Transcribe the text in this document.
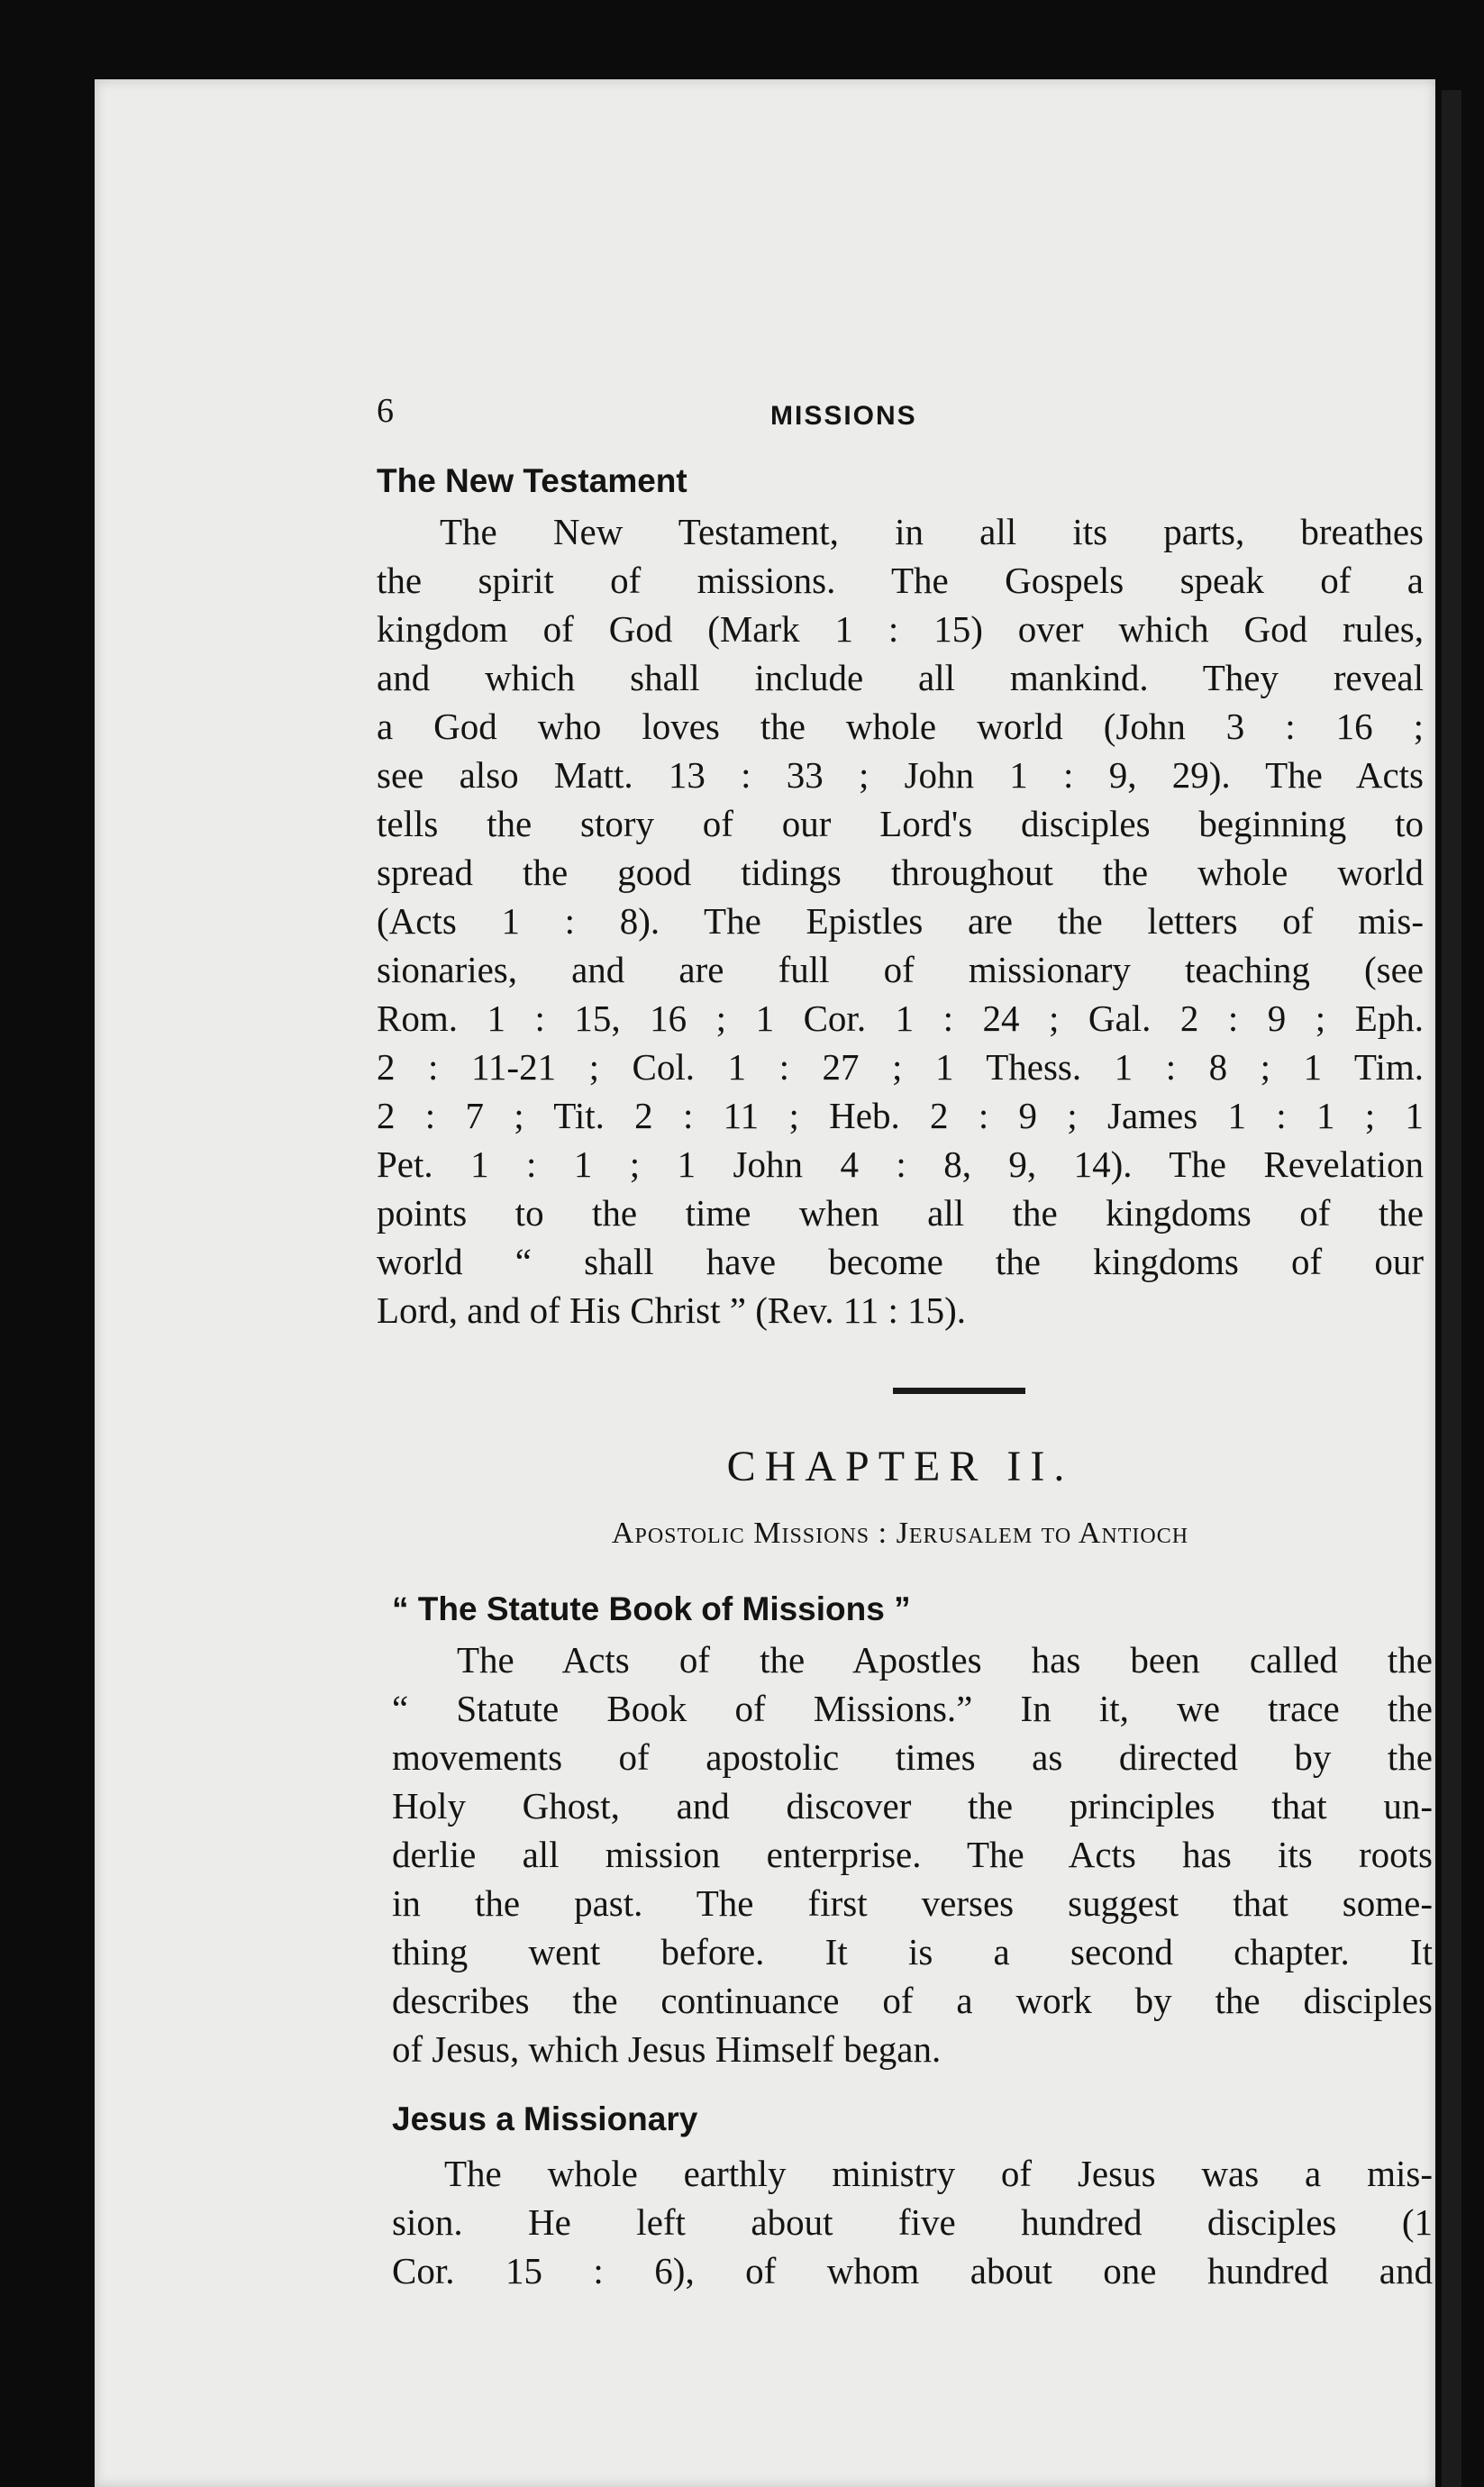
6	MISSIONS
The New Testament
The New Testament, in all its parts, breathes
the spirit of missions. The Gospels speak of a
kingdom of God (Mark 1 : 15) over which God rules,
and which shall include all mankind. They reveal
a God who loves the whole world (John 3 : 16 ;
see also Matt. 13 : 33 ; John 1 : 9, 29). The Acts
tells the story of our Lord's disciples beginning to
spread the good tidings throughout the whole world
(Acts 1 : 8). The Epistles are the letters of mis-
sionaries, and are full of missionary teaching (see
Rom. 1 : 15, 16 ; 1 Cor. 1 : 24 ; Gal. 2 : 9 ; Eph.
2 : 11-21 ; Col. 1 : 27 ; 1 Thess. 1 : 8 ; 1 Tim.
2 : 7 ; Tit. 2 : 11 ; Heb. 2 : 9 ; James 1 : 1 ; 1
Pet. 1 : 1 ; 1 John 4 : 8, 9, 14). The Revelation
points to the time when all the kingdoms of the
world “ shall have become the kingdoms of our
Lord, and of His Christ ” (Rev. 11 : 15).
CHAPTER II.
Apostolic Missions : Jerusalem to Antioch
“ The Statute Book of Missions ”
The Acts of the Apostles has been called the
“ Statute Book of Missions.” In it, we trace the
movements of apostolic times as directed by the
Holy Ghost, and discover the principles that un-
derlie all mission enterprise. The Acts has its roots
in the past. The first verses suggest that some-
thing went before. It is a second chapter. It
describes the continuance of a work by the disciples
of Jesus, which Jesus Himself began.
Jesus a Missionary
The whole earthly ministry of Jesus was a mis-
sion. He left about five hundred disciples (1
Cor. 15 : 6), of whom about one hundred and
